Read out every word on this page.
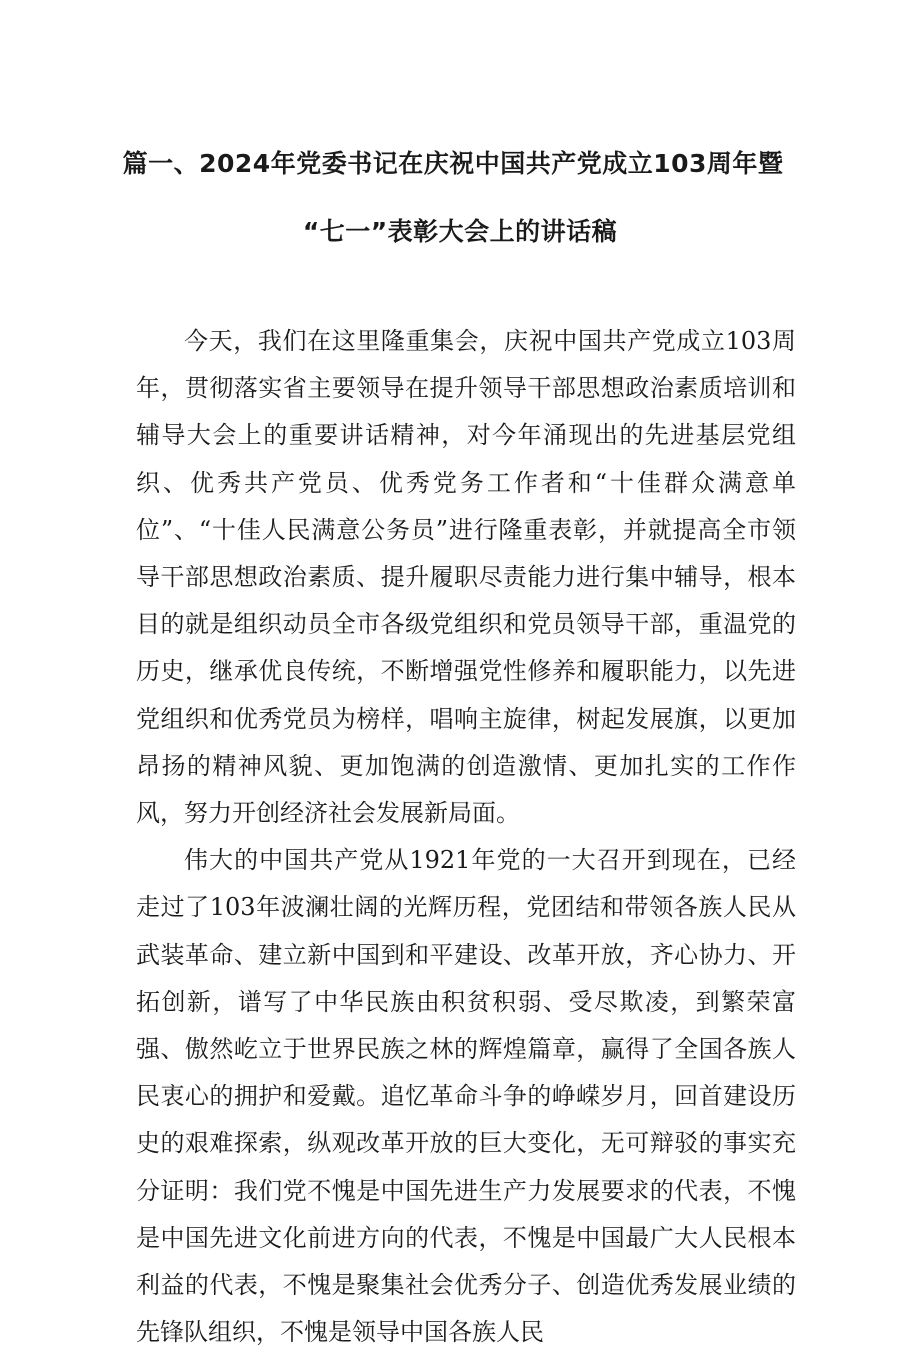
篇一、2024年党委书记在庆祝中国共产党成立103周年暨
“七一”表彰大会上的讲话稿

今天，我们在这里隆重集会，庆祝中国共产党成立103周年，贯彻落实省主要领导在提升领导干部思想政治素质培训和辅导大会上的重要讲话精神，对今年涌现出的先进基层党组织、优秀共产党员、优秀党务工作者和“十佳群众满意单位”、“十佳人民满意公务员”进行隆重表彰，并就提高全市领导干部思想政治素质、提升履职尽责能力进行集中辅导，根本目的就是组织动员全市各级党组织和党员领导干部，重温党的历史，继承优良传统，不断增强党性修养和履职能力，以先进党组织和优秀党员为榜样，唱响主旋律，树起发展旗，以更加昂扬的精神风貌、更加饱满的创造激情、更加扎实的工作作风，努力开创经济社会发展新局面。

伟大的中国共产党从1921年党的一大召开到现在，已经走过了103年波澜壮阔的光辉历程，党团结和带领各族人民从武装革命、建立新中国到和平建设、改革开放，齐心协力、开拓创新，谱写了中华民族由积贫积弱、受尽欺凌，到繁荣富强、傲然屹立于世界民族之林的辉煌篇章，赢得了全国各族人民衷心的拥护和爱戴。追忆革命斗争的峥嵘岁月，回首建设历史的艰难探索，纵观改革开放的巨大变化，无可辩驳的事实充分证明：我们党不愧是中国先进生产力发展要求的代表，不愧是中国先进文化前进方向的代表，不愧是中国最广大人民根本利益的代表，不愧是聚集社会优秀分子、创造优秀发展业绩的先锋队组织，不愧是领导中国各族人民
